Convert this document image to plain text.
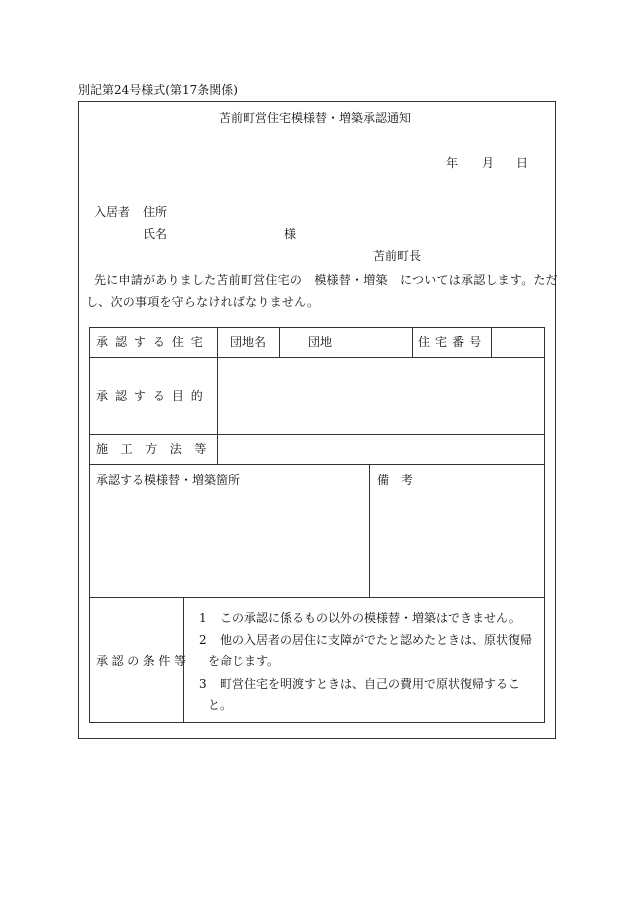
別記第24号様式(第17条関係)
苫前町営住宅模様替・増築承認通知
年 月 日
入居者 住所
氏名	様
苫前町長
先に申請がありました苫前町営住宅の　模様替・増築　については承認します。ただ
し、次の事項を守らなければなりません。
承認する住宅 団地名	団地	住宅番号
承認する目的
施工方法等
承認する模様替・増築箇所	備　考
承認の条件等
1 この承認に係るもの以外の模様替・増築はできません。
2 他の入居者の居住に支障がでたと認めたときは、原状復帰
を命じます。
3 町営住宅を明渡すときは、自己の費用で原状復帰するこ
と。
